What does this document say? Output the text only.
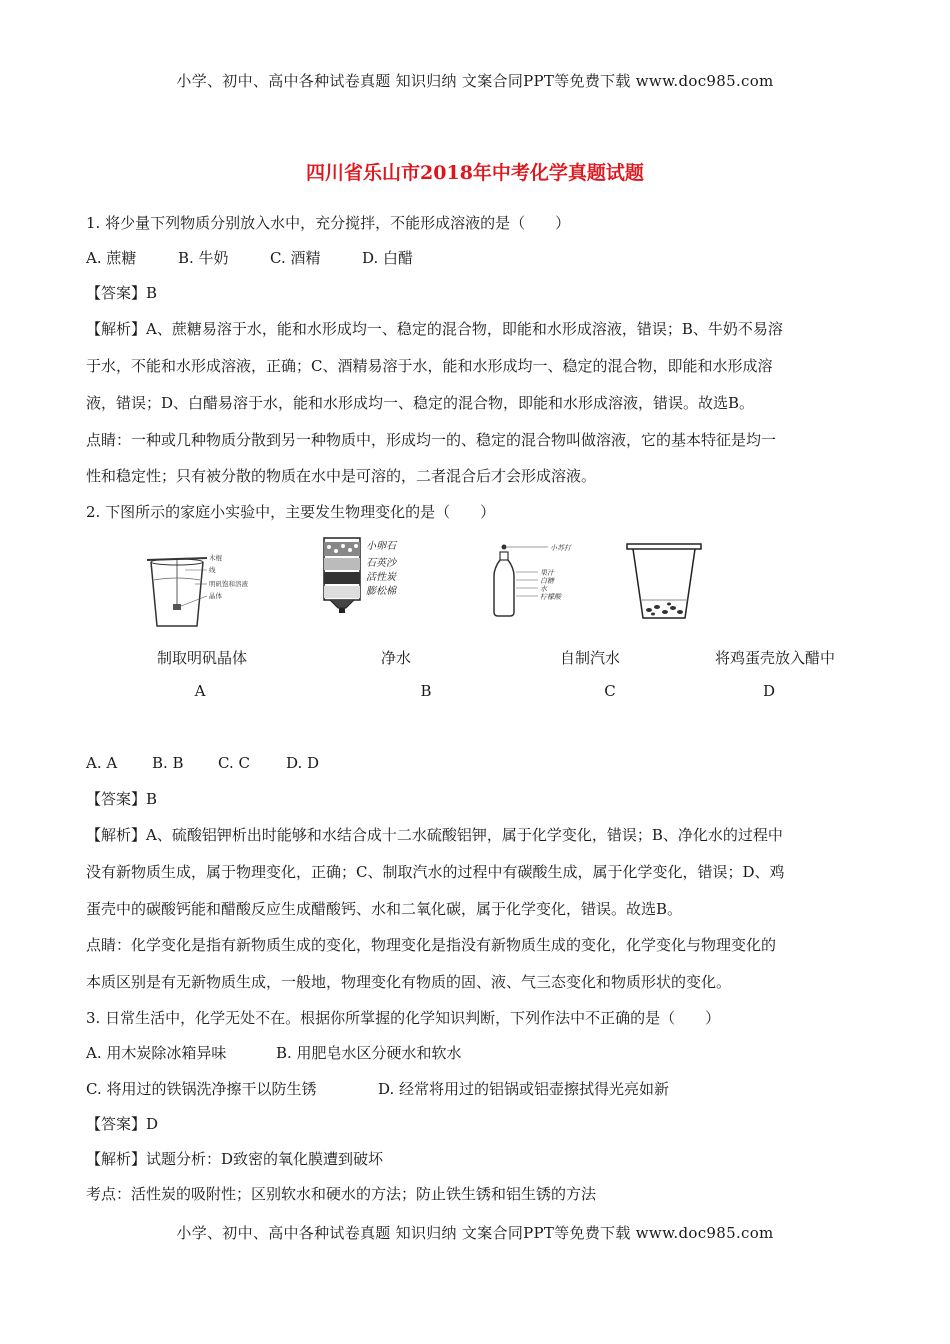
小学、初中、高中各种试卷真题 知识归纳 文案合同PPT等免费下载 www.doc985.com
四川省乐山市2018年中考化学真题试题
1. 将少量下列物质分别放入水中，充分搅拌，不能形成溶液的是（　　）
A. 蔗糖	B. 牛奶	C. 酒精	D. 白醋
【答案】B
【解析】A、蔗糖易溶于水，能和水形成均一、稳定的混合物，即能和水形成溶液，错误；B、牛奶不易溶
于水，不能和水形成溶液，正确；C、酒精易溶于水，能和水形成均一、稳定的混合物，即能和水形成溶
液，错误；D、白醋易溶于水，能和水形成均一、稳定的混合物，即能和水形成溶液，错误。故选B。
点睛：一种或几种物质分散到另一种物质中，形成均一的、稳定的混合物叫做溶液，它的基本特征是均一
性和稳定性；只有被分散的物质在水中是可溶的，二者混合后才会形成溶液。
2. 下图所示的家庭小实验中，主要发生物理变化的是（　　）
木棍
线
明矾饱和溶液
晶体
小卵石
石英沙
活性炭
膨松棉
小苏打
果汁
白糖
水
柠檬酸
制取明矾晶体	净水	自制汽水	将鸡蛋壳放入醋中
A	B	C	D
A. A B. B C. C D. D
【答案】B
【解析】A、硫酸铝钾析出时能够和水结合成十二水硫酸铝钾，属于化学变化，错误；B、净化水的过程中
没有新物质生成，属于物理变化，正确；C、制取汽水的过程中有碳酸生成，属于化学变化，错误；D、鸡
蛋壳中的碳酸钙能和醋酸反应生成醋酸钙、水和二氧化碳，属于化学变化，错误。故选B。
点睛：化学变化是指有新物质生成的变化，物理变化是指没有新物质生成的变化，化学变化与物理变化的
本质区别是有无新物质生成，一般地，物理变化有物质的固、液、气三态变化和物质形状的变化。
3. 日常生活中，化学无处不在。根据你所掌握的化学知识判断，下列作法中不正确的是（　　）
A. 用木炭除冰箱异味	B. 用肥皂水区分硬水和软水
C. 将用过的铁锅洗净擦干以防生锈	D. 经常将用过的铝锅或铝壶擦拭得光亮如新
【答案】D
【解析】试题分析：D致密的氧化膜遭到破坏
考点：活性炭的吸附性；区别软水和硬水的方法；防止铁生锈和铝生锈的方法
小学、初中、高中各种试卷真题 知识归纳 文案合同PPT等免费下载 www.doc985.com
